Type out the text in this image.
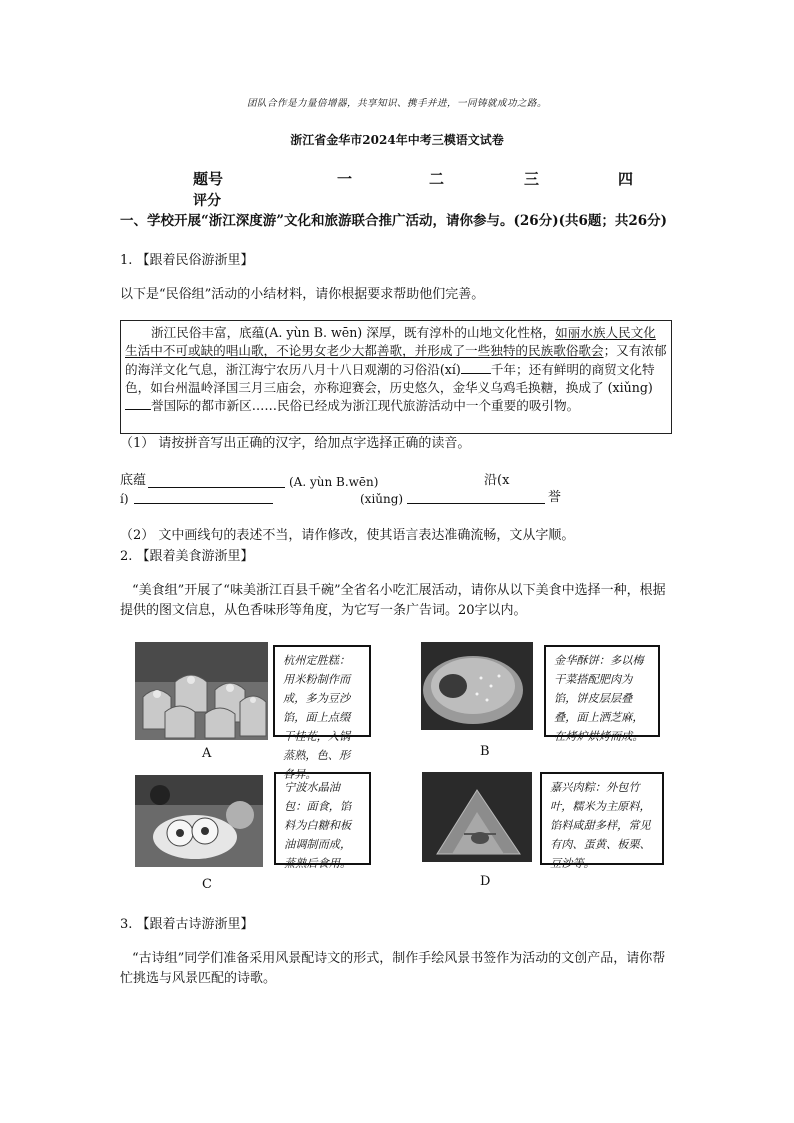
团队合作是力量倍增器，共享知识、携手并进，一同铸就成功之路。
浙江省金华市2024年中考三模语文试卷
题号	一	二	三	四
评分
一、学校开展“浙江深度游”文化和旅游联合推广活动，请你参与。(26分)(共6题；共26分)
1. 【跟着民俗游浙里】
以下是“民俗组”活动的小结材料，请你根据要求帮助他们完善。
浙江民俗丰富，底蕴(A. yùn B. wēn) 深厚，既有淳朴的山地文化性格，如丽水族人民文化生活中不可或缺的唱山歌，不论男女老少大都善歌，并形成了一些独特的民族歌俗歌会；又有浓郁的海洋文化气息，浙江海宁农历八月十八日观潮的习俗沿(xí) 千年；还有鲜明的商贸文化特色，如台州温岭泽国三月三庙会，亦称迎赛会，历史悠久，金华义乌鸡毛换糖，换成了 (xiǔng)誉国际的都市新区……民俗已经成为浙江现代旅游活动中一个重要的吸引物。
（1） 请按拼音写出正确的汉字，给加点字选择正确的读音。
底蕴	(A. yùn B.wēn)	沿(x
í)	(xiǔng)	誉
（2） 文中画线句的表述不当，请作修改，使其语言表达准确流畅，文从字顺。
2. 【跟着美食游浙里】
“美食组”开展了“味美浙江百县千碗”全省名小吃汇展活动，请你从以下美食中选择一种，根据提供的图文信息，从色香味形等角度，为它写一条广告词。20字以内。
杭州定胜糕：用米粉制作而成，多为豆沙馅，面上点缀干桂花，入锅蒸熟，色、形各异。
A
金华酥饼：多以梅干菜搭配肥肉为馅，饼皮层层叠叠，面上洒芝麻，在烤炉烘烤而成。
B
宁波水晶油包：面食，馅料为白糖和板油调制而成，蒸熟后食用。
C
嘉兴肉粽：外包竹叶，糯米为主原料，馅料咸甜多样，常见有肉、蛋黄、板栗、豆沙等。
D
3. 【跟着古诗游浙里】
“古诗组”同学们准备采用风景配诗文的形式，制作手绘风景书签作为活动的文创产品，请你帮忙挑选与风景匹配的诗歌。
